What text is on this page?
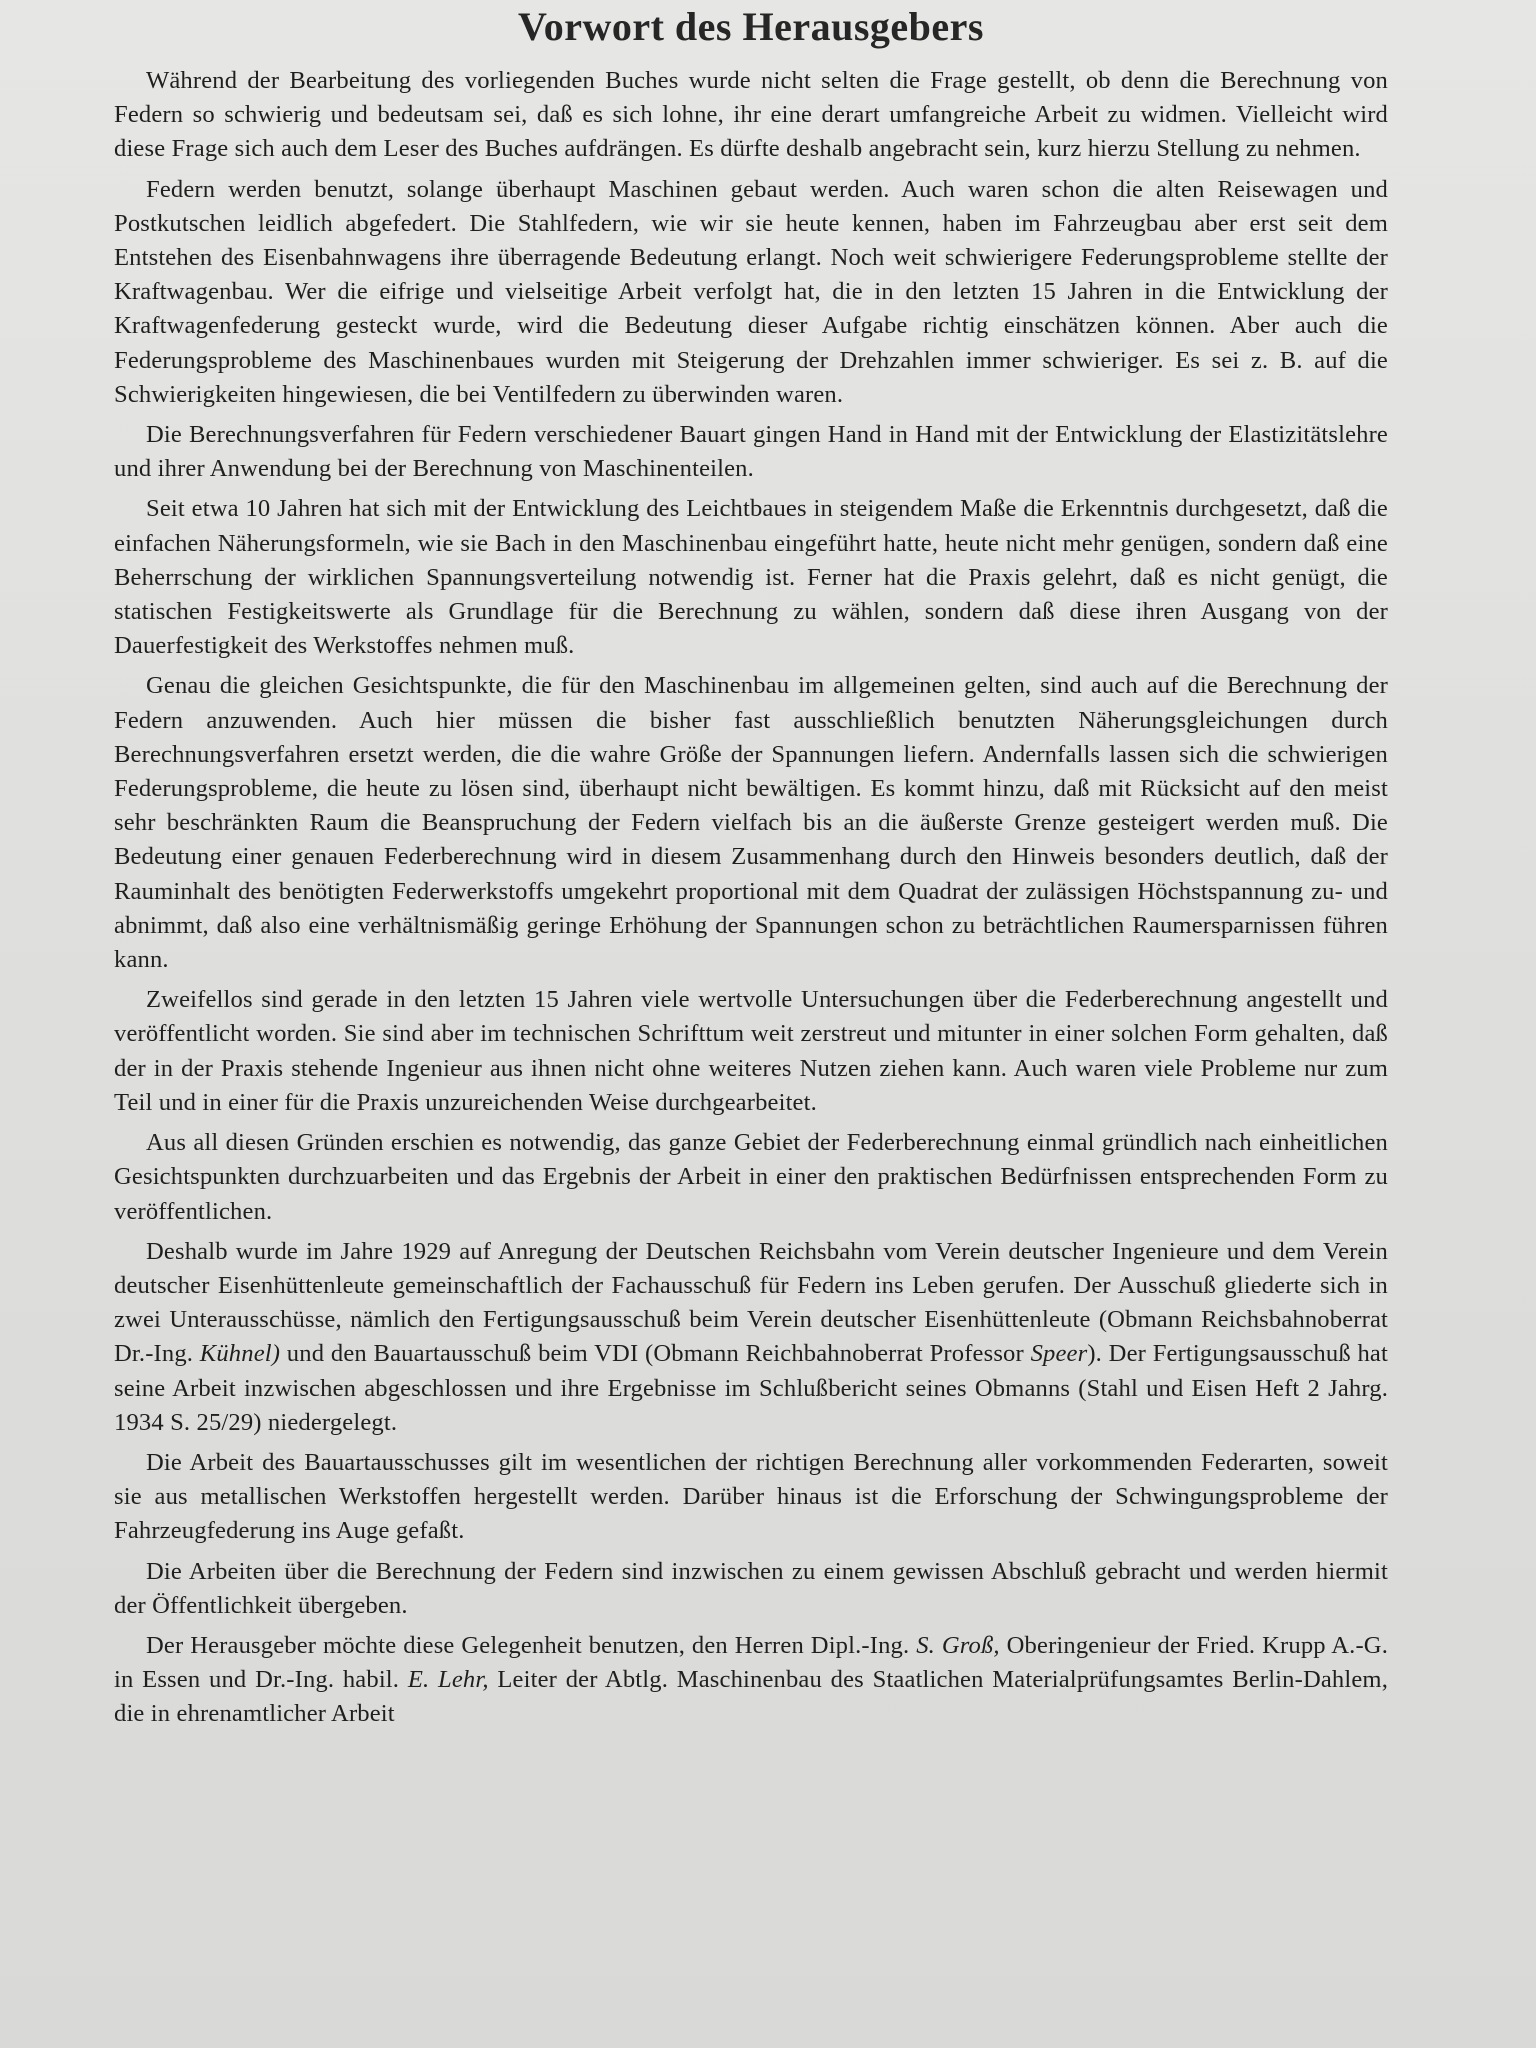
Vorwort des Herausgebers

Während der Bearbeitung des vorliegenden Buches wurde nicht selten die Frage gestellt, ob denn die Berechnung von Federn so schwierig und bedeutsam sei, daß es sich lohne, ihr eine derart umfangreiche Arbeit zu widmen. Vielleicht wird diese Frage sich auch dem Leser des Buches aufdrängen. Es dürfte deshalb angebracht sein, kurz hierzu Stellung zu nehmen.

Federn werden benutzt, solange überhaupt Maschinen gebaut werden. Auch waren schon die alten Reisewagen und Postkutschen leidlich abgefedert. Die Stahlfedern, wie wir sie heute kennen, haben im Fahrzeugbau aber erst seit dem Entstehen des Eisenbahnwagens ihre überragende Bedeutung erlangt. Noch weit schwierigere Federungsprobleme stellte der Kraftwagenbau. Wer die eifrige und vielseitige Arbeit verfolgt hat, die in den letzten 15 Jahren in die Entwicklung der Kraftwagenfederung gesteckt wurde, wird die Bedeutung dieser Aufgabe richtig einschätzen können. Aber auch die Federungsprobleme des Maschinenbaues wurden mit Steigerung der Drehzahlen immer schwieriger. Es sei z. B. auf die Schwierigkeiten hingewiesen, die bei Ventilfedern zu überwinden waren.

Die Berechnungsverfahren für Federn verschiedener Bauart gingen Hand in Hand mit der Entwicklung der Elastizitätslehre und ihrer Anwendung bei der Berechnung von Maschinenteilen.

Seit etwa 10 Jahren hat sich mit der Entwicklung des Leichtbaues in steigendem Maße die Erkenntnis durchgesetzt, daß die einfachen Näherungsformeln, wie sie Bach in den Maschinenbau eingeführt hatte, heute nicht mehr genügen, sondern daß eine Beherrschung der wirklichen Spannungsverteilung notwendig ist. Ferner hat die Praxis gelehrt, daß es nicht genügt, die statischen Festigkeitswerte als Grundlage für die Berechnung zu wählen, sondern daß diese ihren Ausgang von der Dauerfestigkeit des Werkstoffes nehmen muß.

Genau die gleichen Gesichtspunkte, die für den Maschinenbau im allgemeinen gelten, sind auch auf die Berechnung der Federn anzuwenden. Auch hier müssen die bisher fast ausschließlich benutzten Näherungsgleichungen durch Berechnungsverfahren ersetzt werden, die die wahre Größe der Spannungen liefern. Andernfalls lassen sich die schwierigen Federungsprobleme, die heute zu lösen sind, überhaupt nicht bewältigen. Es kommt hinzu, daß mit Rücksicht auf den meist sehr beschränkten Raum die Beanspruchung der Federn vielfach bis an die äußerste Grenze gesteigert werden muß. Die Bedeutung einer genauen Federberechnung wird in diesem Zusammenhang durch den Hinweis besonders deutlich, daß der Rauminhalt des benötigten Federwerkstoffs umgekehrt proportional mit dem Quadrat der zulässigen Höchstspannung zu- und abnimmt, daß also eine verhältnismäßig geringe Erhöhung der Spannungen schon zu beträchtlichen Raumersparnissen führen kann.

Zweifellos sind gerade in den letzten 15 Jahren viele wertvolle Untersuchungen über die Federberechnung angestellt und veröffentlicht worden. Sie sind aber im technischen Schrifttum weit zerstreut und mitunter in einer solchen Form gehalten, daß der in der Praxis stehende Ingenieur aus ihnen nicht ohne weiteres Nutzen ziehen kann. Auch waren viele Probleme nur zum Teil und in einer für die Praxis unzureichenden Weise durchgearbeitet.

Aus all diesen Gründen erschien es notwendig, das ganze Gebiet der Federberechnung einmal gründlich nach einheitlichen Gesichtspunkten durchzuarbeiten und das Ergebnis der Arbeit in einer den praktischen Bedürfnissen entsprechenden Form zu veröffentlichen.

Deshalb wurde im Jahre 1929 auf Anregung der Deutschen Reichsbahn vom Verein deutscher Ingenieure und dem Verein deutscher Eisenhüttenleute gemeinschaftlich der Fachausschuß für Federn ins Leben gerufen. Der Ausschuß gliederte sich in zwei Unterausschüsse, nämlich den Fertigungsausschuß beim Verein deutscher Eisenhüttenleute (Obmann Reichsbahnoberrat Dr.-Ing. Kühnel) und den Bauartausschuß beim VDI (Obmann Reichbahnoberrat Professor Speer). Der Fertigungsausschuß hat seine Arbeit inzwischen abgeschlossen und ihre Ergebnisse im Schlußbericht seines Obmanns (Stahl und Eisen Heft 2 Jahrg. 1934 S. 25/29) niedergelegt.

Die Arbeit des Bauartausschusses gilt im wesentlichen der richtigen Berechnung aller vorkommenden Federarten, soweit sie aus metallischen Werkstoffen hergestellt werden. Darüber hinaus ist die Erforschung der Schwingungsprobleme der Fahrzeugfederung ins Auge gefaßt.

Die Arbeiten über die Berechnung der Federn sind inzwischen zu einem gewissen Abschluß gebracht und werden hiermit der Öffentlichkeit übergeben.

Der Herausgeber möchte diese Gelegenheit benutzen, den Herren Dipl.-Ing. S. Groß, Oberingenieur der Fried. Krupp A.-G. in Essen und Dr.-Ing. habil. E. Lehr, Leiter der Abtlg. Maschinenbau des Staatlichen Materialprüfungsamtes Berlin-Dahlem, die in ehrenamtlicher Arbeit
